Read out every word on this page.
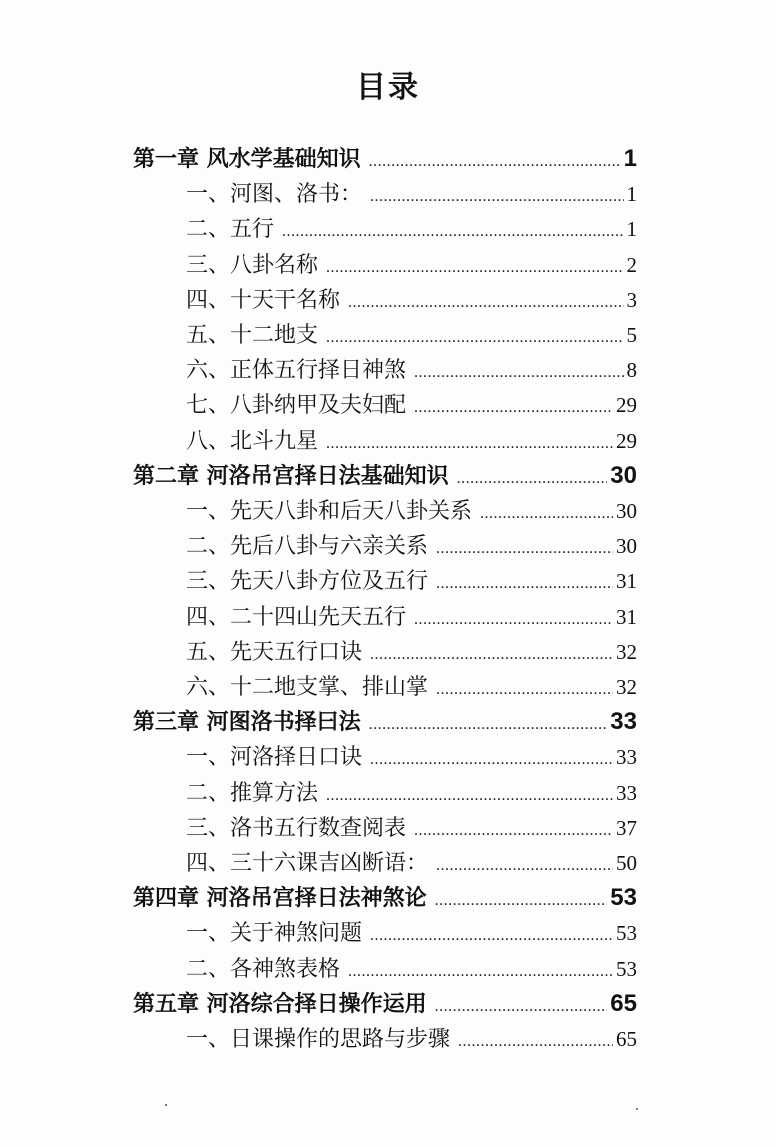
目录
第一章 风水学基础知识 .....	1
一、河图、洛书： .....	1
二、五行 .....	1
三、八卦名称 .....	2
四、十天干名称 .....	3
五、十二地支 .....	5
六、正体五行择日神煞 .....	8
七、八卦纳甲及夫妇配 .....	29
八、北斗九星 .....	29
第二章 河洛吊宫择日法基础知识 .....	30
一、先天八卦和后天八卦关系 .....	30
二、先后八卦与六亲关系 .....	30
三、先天八卦方位及五行 .....	31
四、二十四山先天五行 .....	31
五、先天五行口诀 .....	32
六、十二地支掌、排山掌 .....	32
第三章 河图洛书择曰法 .....	33
一、河洛择日口诀 .....	33
二、推算方法 .....	33
三、洛书五行数查阅表 .....	37
四、三十六课吉凶断语： .....	50
第四章 河洛吊宫择日法神煞论 .....	53
一、关于神煞问题 .....	53
二、各神煞表格 .....	53
第五章 河洛综合择日操作运用 .....	65
一、日课操作的思路与步骤 .....	65
